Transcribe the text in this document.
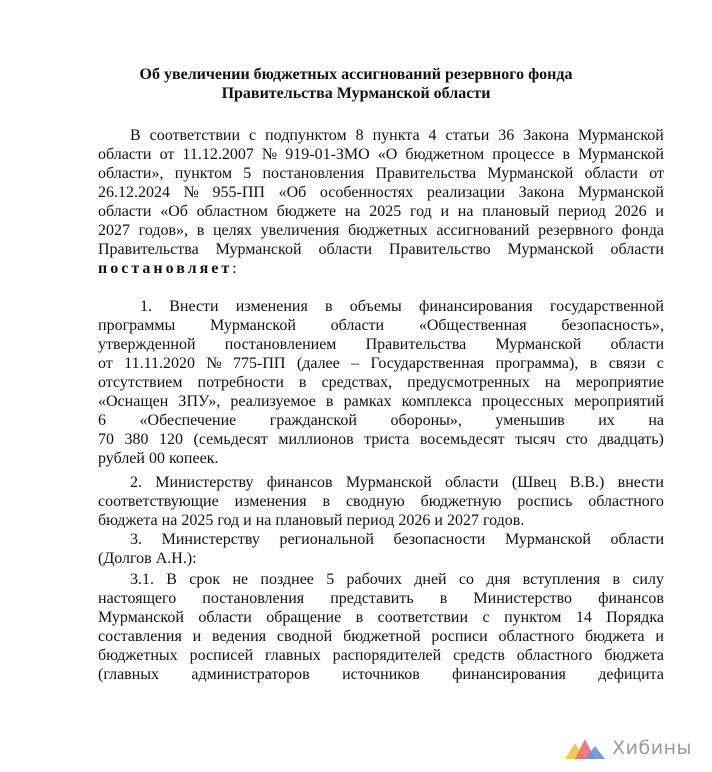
Об увеличении бюджетных ассигнований резервного фонда
Правительства Мурманской области
В соответствии с подпунктом 8 пункта 4 статьи 36 Закона Мурманской
области от 11.12.2007 № 919-01-ЗМО «О бюджетном процессе в Мурманской
области», пунктом 5 постановления Правительства Мурманской области от
26.12.2024 № 955-ПП «Об особенностях реализации Закона Мурманской
области «Об областном бюджете на 2025 год и на плановый период 2026 и
2027 годов», в целях увеличения бюджетных ассигнований резервного фонда
Правительства Мурманской области Правительство Мурманской области
постановляет:
1. Внести изменения в объемы финансирования государственной
программы Мурманской области «Общественная безопасность»,
утвержденной постановлением Правительства Мурманской области
от 11.11.2020 № 775-ПП (далее – Государственная программа), в связи с
отсутствием потребности в средствах, предусмотренных на мероприятие
«Оснащен ЗПУ», реализуемое в рамках комплекса процессных мероприятий
6 «Обеспечение гражданской обороны», уменьшив их на
70 380 120 (семьдесят миллионов триста восемьдесят тысяч сто двадцать)
рублей 00 копеек.
2. Министерству финансов Мурманской области (Швец В.В.) внести
соответствующие изменения в сводную бюджетную роспись областного
бюджета на 2025 год и на плановый период 2026 и 2027 годов.
3. Министерству региональной безопасности Мурманской области
(Долгов А.Н.):
3.1. В срок не позднее 5 рабочих дней со дня вступления в силу
настоящего постановления представить в Министерство финансов
Мурманской области обращение в соответствии с пунктом 14 Порядка
составления и ведения сводной бюджетной росписи областного бюджета и
бюджетных росписей главных распорядителей средств областного бюджета
(главных администраторов источников финансирования дефицита
Хибины
